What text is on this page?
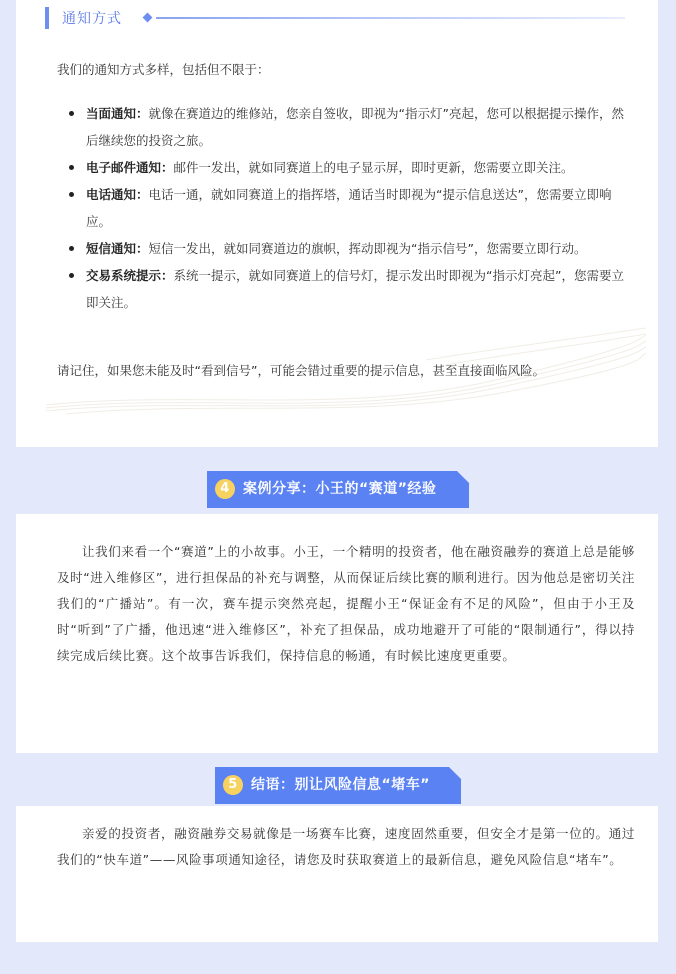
通知方式
我们的通知方式多样，包括但不限于：
当面通知：就像在赛道边的维修站，您亲自签收，即视为“指示灯”亮起，您可以根据提示操作，然后继续您的投资之旅。
电子邮件通知：邮件一发出，就如同赛道上的电子显示屏，即时更新，您需要立即关注。
电话通知：电话一通，就如同赛道上的指挥塔，通话当时即视为“提示信息送达”，您需要立即响应。
短信通知：短信一发出，就如同赛道边的旗帜，挥动即视为“指示信号”，您需要立即行动。
交易系统提示：系统一提示，就如同赛道上的信号灯，提示发出时即视为“指示灯亮起”，您需要立即关注。
请记住，如果您未能及时“看到信号”，可能会错过重要的提示信息，甚至直接面临风险。
4 案例分享：小王的“赛道”经验
让我们来看一个“赛道”上的小故事。小王，一个精明的投资者，他在融资融券的赛道上总是能够及时“进入维修区”，进行担保品的补充与调整，从而保证后续比赛的顺利进行。因为他总是密切关注我们的“广播站”。有一次，赛车提示突然亮起，提醒小王“保证金有不足的风险”，但由于小王及时“听到”了广播，他迅速“进入维修区”，补充了担保品，成功地避开了可能的“限制通行”，得以持续完成后续比赛。这个故事告诉我们，保持信息的畅通，有时候比速度更重要。
5 结语：别让风险信息“堵车”
亲爱的投资者，融资融券交易就像是一场赛车比赛，速度固然重要，但安全才是第一位的。通过我们的“快车道”——风险事项通知途径，请您及时获取赛道上的最新信息，避免风险信息“堵车”。
